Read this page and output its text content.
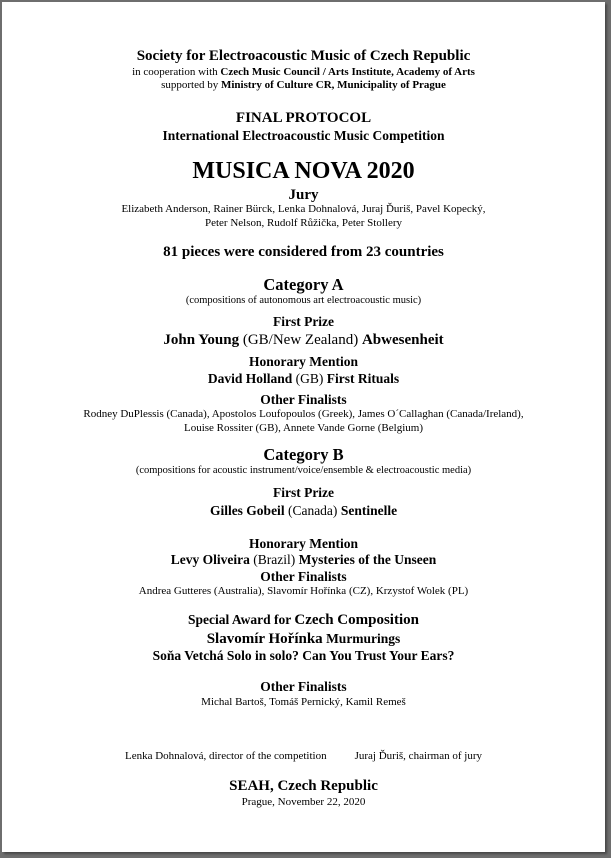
Society for Electroacoustic Music of Czech Republic
in cooperation with Czech Music Council / Arts Institute, Academy of Arts
supported by Ministry of Culture CR, Municipality of Prague
FINAL PROTOCOL
International Electroacoustic Music Competition
MUSICA NOVA 2020
Jury
Elizabeth Anderson, Rainer Bürck, Lenka Dohnalová, Juraj Ďuriš, Pavel Kopecký,
Peter Nelson, Rudolf Růžička, Peter Stollery
81 pieces were considered from 23 countries
Category A
(compositions of autonomous art electroacoustic music)
First Prize
John Young (GB/New Zealand) Abwesenheit
Honorary Mention
David Holland (GB) First Rituals
Other Finalists
Rodney DuPlessis (Canada), Apostolos Loufopoulos (Greek), James O´Callaghan (Canada/Ireland),
Louise Rossiter (GB), Annete Vande Gorne (Belgium)
Category B
(compositions for acoustic instrument/voice/ensemble & electroacoustic media)
First Prize
Gilles Gobeil (Canada) Sentinelle
Honorary Mention
Levy Oliveira (Brazil) Mysteries of the Unseen
Other Finalists
Andrea Gutteres (Australia), Slavomír Hořínka (CZ), Krzystof Wolek (PL)
Special Award for Czech Composition
Slavomír Hořínka Murmurings
Soňa Vetchá Solo in solo? Can You Trust Your Ears?
Other Finalists
Michal Bartoš, Tomáš Pernický, Kamil Remeš
Lenka Dohnalová, director of the competition	Juraj Ďuriš, chairman of jury
SEAH, Czech Republic
Prague, November 22, 2020
